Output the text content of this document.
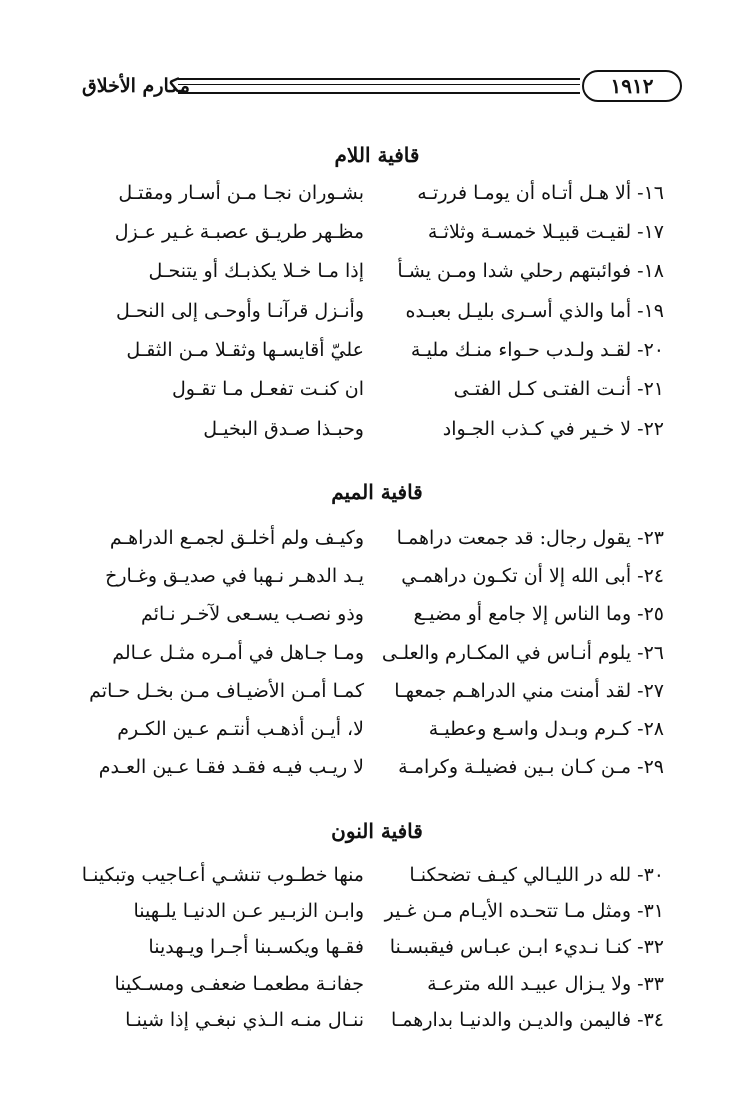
مكارم الأخلاق	١٩١٢
قافية اللام
١٦- ألا هـل أتـاه أن يومـا فررتـه
بشـوران نجـا مـن أسـار ومقتـل
١٧- لقيـت قبيـلا خمسـة وثلاثـة
مظـهر طريـق عصبـة غـير عـزل
١٨- فوائبتهم رحلي شدا ومـن يشـأ
إذا مـا خـلا يكذبـك أو يتنحـل
١٩- أما والذي أسـرى بليـل بعبـده
وأنـزل قرآنـا وأوحـى إلى النحـل
٢٠- لقـد ولـدب حـواء منـك مليـة
عليّ أقايسـها وثقـلا مـن الثقـل
٢١- أنـت الفتـى كـل الفتـى
ان كنـت تفعـل مـا تقـول
٢٢- لا خـير في كـذب الجـواد
وحبـذا صـدق البخيـل
قافية الميم
٢٣- يقول رجال: قد جمعت دراهمـا
وكيـف ولم أخلـق لجمـع الدراهـم
٢٤- أبى الله إلا أن تكـون دراهمـي
يـد الدهـر نـهبا في صديـق وغـارخ
٢٥- وما الناس إلا جامع أو مضيـع
وذو نصـب يسـعى لآخـر نـائم
٢٦- يلوم أنـاس في المكـارم والعلـى
ومـا جـاهل في أمـره مثـل عـالم
٢٧- لقد أمنت مني الدراهـم جمعهـا
كمـا أمـن الأضيـاف مـن بخـل حـاتم
٢٨- كـرم وبـدل واسـع وعطيـة
لا، أيـن أذهـب أنتـم عـين الكـرم
٢٩- مـن كـان بـين فضيلـة وكرامـة
لا ريـب فيـه فقـد فقـا عـين العـدم
قافية النون
٣٠- لله در الليـالي كيـف تضحكنـا
منها خطـوب تنشـي أعـاجيب وتبكينـا
٣١- ومثل مـا تتحـده الأيـام مـن غـير
وابـن الزبـير عـن الدنيـا يلـهينا
٣٢- كنـا نـديء ابـن عبـاس فيقبسـنا
فقـها ويكسـبنا أجـرا ويـهدينا
٣٣- ولا يـزال عبيـد الله مترعـة
جفانـة مطعمـا ضعفـى ومسـكينا
٣٤- فاليمن والديـن والدنيـا بدارهمـا
ننـال منـه الـذي نبغـي إذا شينـا
